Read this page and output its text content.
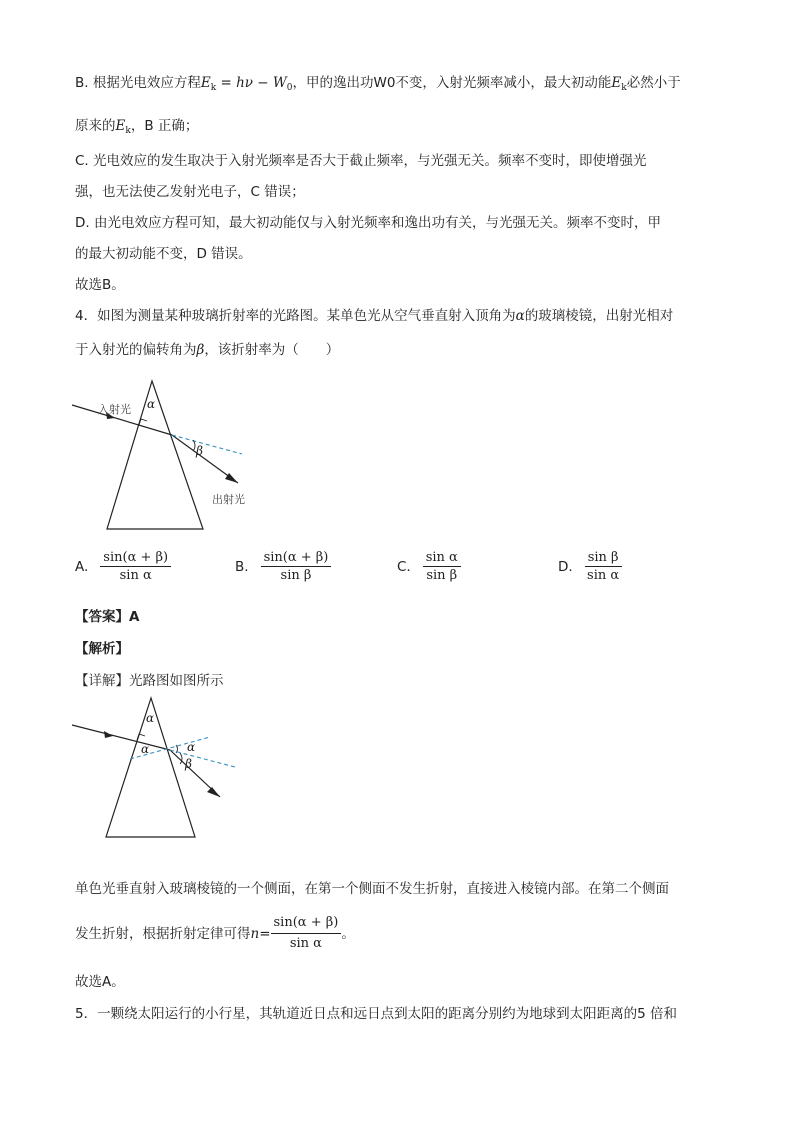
B. 根据光电效应方程$E_k = h\nu - W_0$，甲的逸出功W0不变，入射光频率减小，最大初动能$E_k$必然小于
原来的$E_k$，B 正确；
C. 光电效应的发生取决于入射光频率是否大于截止频率，与光强无关。频率不变时，即使增强光
强，也无法使乙发射光电子，C 错误；
D. 由光电效应方程可知，最大初动能仅与入射光频率和逸出功有关，与光强无关。频率不变时，甲
的最大初动能不变，D 错误。
故选B。
4．如图为测量某种玻璃折射率的光路图。某单色光从空气垂直射入顶角为α的玻璃棱镜，出射光相对
于入射光的偏转角为β，该折射率为（　　）
入射光
出射光
α
β
A. $\frac{\sin(\alpha + \beta)}{\text{sin α}}$	B. $\frac{\sin(\alpha + \beta)}{\text{sin β}}$	C. $\frac{\text{sin α}}{\text{sin β}}$	D. $\frac{\text{sin β}}{\text{sin α}}$
【答案】A
【解析】
【详解】光路图如图所示
α
α	α
β
单色光垂直射入玻璃棱镜的一个侧面，在第一个侧面不发生折射，直接进入棱镜内部。在第二个侧面
发生折射，根据折射定律可得 $n = \frac{\sin(\alpha + \beta)}{\text{sin α}}$ 。
故选A。
5．一颗绕太阳运行的小行星，其轨道近日点和远日点到太阳的距离分别约为地球到太阳距离的5 倍和
